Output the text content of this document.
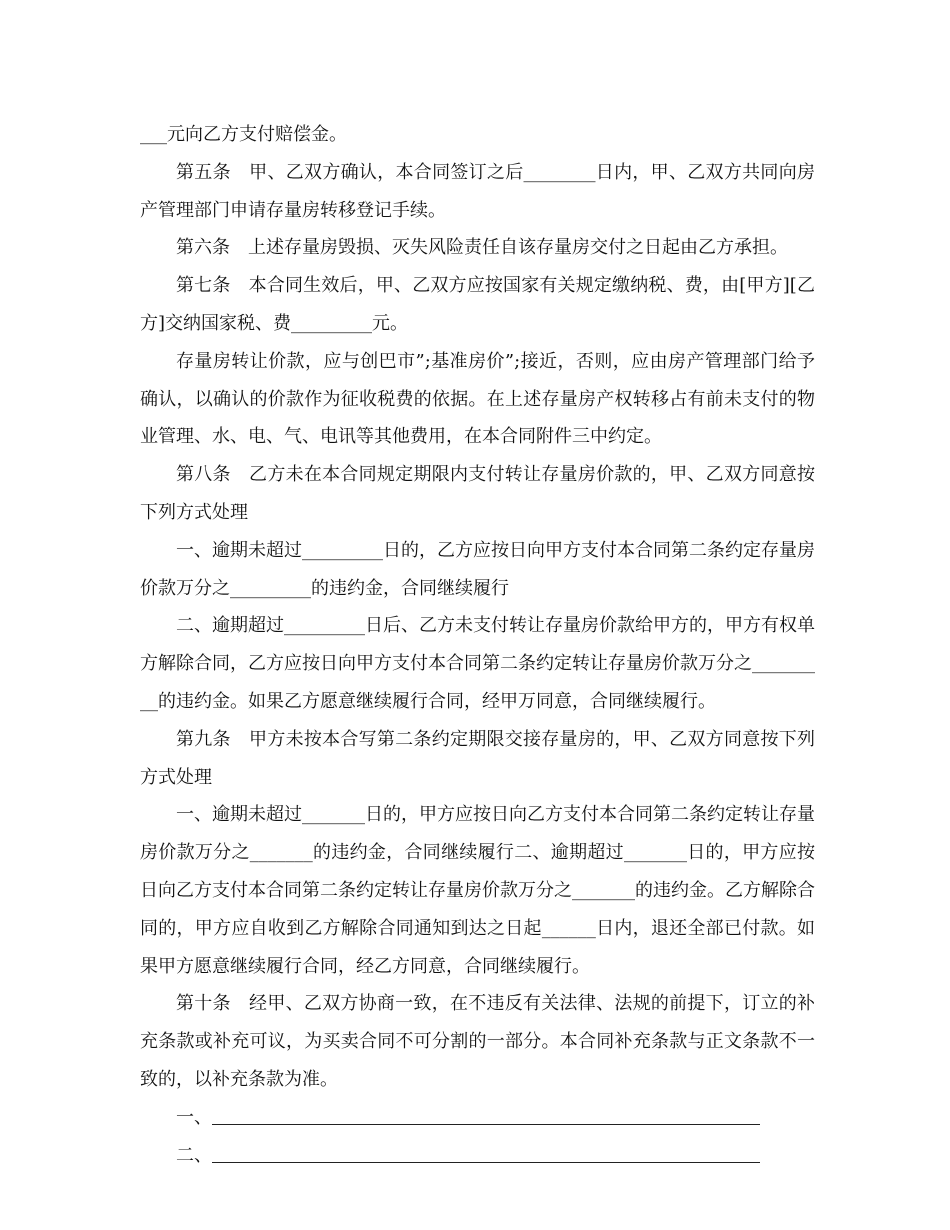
___元向乙方支付赔偿金。

第五条　甲、乙双方确认，本合同签订之后________日内，甲、乙双方共同向房产管理部门申请存量房转移登记手续。

第六条　上述存量房毁损、灭失风险责任自该存量房交付之日起由乙方承担。

第七条　本合同生效后，甲、乙双方应按国家有关规定缴纳税、费，由[甲方][乙方]交纳国家税、费_________元。

存量房转让价款，应与创巴市”;基准房价”;接近，否则，应由房产管理部门给予确认，以确认的价款作为征收税费的依据。在上述存量房产权转移占有前未支付的物业管理、水、电、气、电讯等其他费用，在本合同附件三中约定。

第八条　乙方未在本合同规定期限内支付转让存量房价款的，甲、乙双方同意按下列方式处理

一、逾期未超过_________日的，乙方应按日向甲方支付本合同第二条约定存量房价款万分之_________的违约金，合同继续履行

二、逾期超过_________日后、乙方未支付转让存量房价款给甲方的，甲方有权单方解除合同，乙方应按日向甲方支付本合同第二条约定转让存量房价款万分之_________的违约金。如果乙方愿意继续履行合同，经甲万同意，合同继续履行。

第九条　甲方未按本合写第二条约定期限交接存量房的，甲、乙双方同意按下列方式处理

一、逾期未超过_______日的，甲方应按日向乙方支付本合同第二条约定转让存量房价款万分之_______的违约金，合同继续履行二、逾期超过_______日的，甲方应按日向乙方支付本合同第二条约定转让存量房价款万分之_______的违约金。乙方解除合同的，甲方应自收到乙方解除合同通知到达之日起______日内，退还全部已付款。如果甲方愿意继续履行合同，经乙方同意，合同继续履行。

第十条　经甲、乙双方协商一致，在不违反有关法律、法规的前提下，订立的补充条款或补充可议，为买卖合同不可分割的一部分。本合同补充条款与正文条款不一致的，以补充条款为准。

一、

二、
